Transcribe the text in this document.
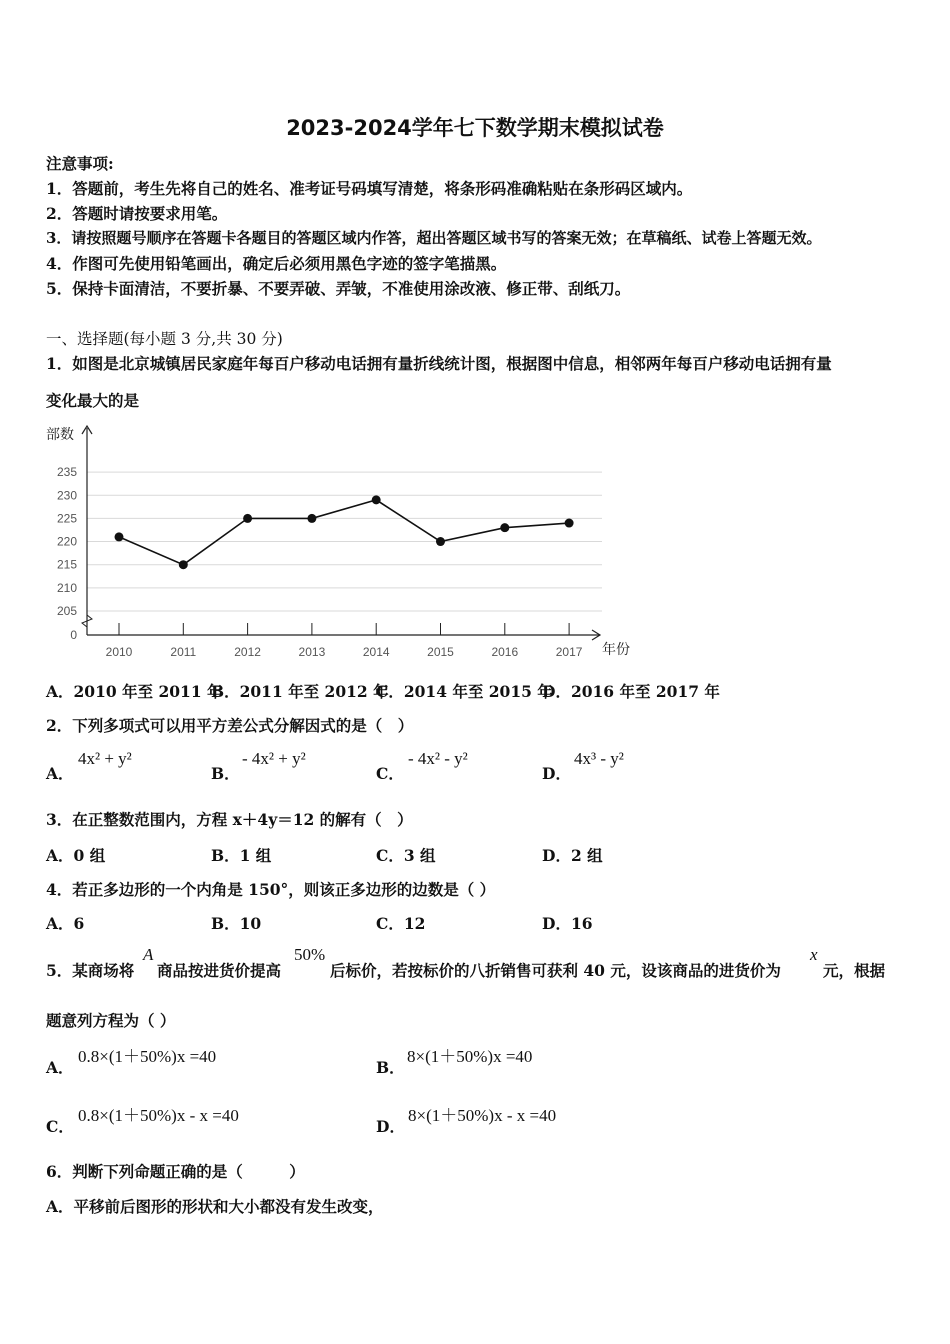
2023-2024学年七下数学期末模拟试卷
注意事项:
1．答题前，考生先将自己的姓名、准考证号码填写清楚，将条形码准确粘贴在条形码区域内。
2．答题时请按要求用笔。
3．请按照题号顺序在答题卡各题目的答题区域内作答，超出答题区域书写的答案无效；在草稿纸、试卷上答题无效。
4．作图可先使用铅笔画出，确定后必须用黑色字迹的签字笔描黑。
5．保持卡面清洁，不要折暴、不要弄破、弄皱，不准使用涂改液、修正带、刮纸刀。
一、选择题(每小题 3 分,共 30 分)
1．如图是北京城镇居民家庭年每百户移动电话拥有量折线统计图，根据图中信息，相邻两年每百户移动电话拥有量
变化最大的是
0
205
210
215
220
225
230
235
2010	2011	2012	2013	2014	2015	2016	2017
部数
年份
A．2010 年至 2011 年
B．2011 年至 2012 年
C．2014 年至 2015 年
D．2016 年至 2017 年
2．下列多项式可以用平方差公式分解因式的是（　）
A．
4x² + y²
B．
- 4x² + y²
C．
- 4x² - y²
D．
4x³ - y²
3．在正整数范围内，方程 x＋4y＝12 的解有（　）
A．0 组	B．1 组	C．3 组	D．2 组
4．若正多边形的一个内角是 150°，则该正多边形的边数是（ ）
A．6	B．10	C．12	D．16
5．某商场将
A
商品按进货价提高
50%
后标价，若按标价的八折销售可获利 40 元，设该商品的进货价为
x
元，根据
题意列方程为（ ）
A．
0.8×(1＋50%)x =40
B．
8×(1＋50%)x =40
C．
0.8×(1＋50%)x - x =40
D．
8×(1＋50%)x - x =40
6．判断下列命题正确的是（　　　）
A．平移前后图形的形状和大小都没有发生改变，
